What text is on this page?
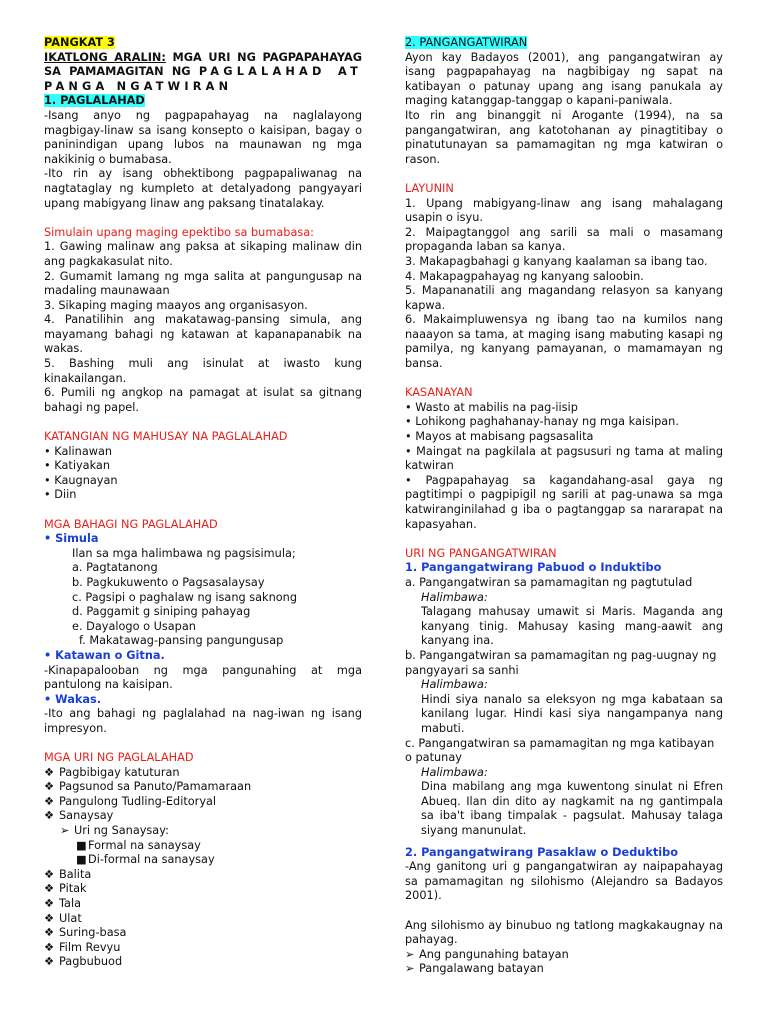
PANGKAT 3

IKATLONG ARALIN: MGA URI NG PAGPAPAHAYAG SA PAMAMAGITAN NG PAGLALAHAD AT PANGA NGATWIRAN

1. PAGLALAHAD

-Isang anyo ng pagpapahayag na naglalayong magbigay-linaw sa isang konsepto o kaisipan, bagay o paninindigan upang lubos na maunawan ng mga nakikinig o bumabasa.

-Ito rin ay isang obhektibong pagpapaliwanag na nagtataglay ng kumpleto at detalyadong pangyayari upang mabigyang linaw ang paksang tinatalakay.

Simulain upang maging epektibo sa bumabasa:

1. Gawing malinaw ang paksa at sikaping malinaw din ang pagkakasulat nito.

2. Gumamit lamang ng mga salita at pangungusap na madaling maunawaan

3. Sikaping maging maayos ang organisasyon.

4. Panatilihin ang makatawag-pansing simula, ang mayamang bahagi ng katawan at kapanapanabik na wakas.

5. Bashing muli ang isinulat at iwasto kung kinakailangan.

6. Pumili ng angkop na pamagat at isulat sa gitnang bahagi ng papel.

KATANGIAN NG MAHUSAY NA PAGLALAHAD

• Kalinawan

• Katiyakan

• Kaugnayan

• Diin

MGA BAHAGI NG PAGLALAHAD

• Simula

Ilan sa mga halimbawa ng pagsisimula;

a. Pagtatanong

b. Pagkukuwento o Pagsasalaysay

c. Pagsipi o paghalaw ng isang saknong

d. Paggamit g siniping pahayag

e. Dayalogo o Usapan

f. Makatawag-pansing pangungusap

• Katawan o Gitna.

-Kinapapalooban ng mga pangunahing at mga pantulong na kaisipan.

• Wakas.

-Ito ang bahagi ng paglalahad na nag-iwan ng isang impresyon.

MGA URI NG PAGLALAHAD

❖ Pagbibigay katuturan

❖ Pagsunod sa Panuto/Pamamaraan

❖ Pangulong Tudling-Editoryal

❖ Sanaysay

➢ Uri ng Sanaysay:

■Formal na sanaysay

■Di-formal na sanaysay

❖ Balita

❖ Pitak

❖ Tala

❖ Ulat

❖ Suring-basa

❖ Film Revyu

❖ Pagbubuod

2. PANGANGATWIRAN

Ayon kay Badayos (2001), ang pangangatwiran ay isang pagpapahayag na nagbibigay ng sapat na katibayan o patunay upang ang isang panukala ay maging katanggap-tanggap o kapani-paniwala.

Ito rin ang binanggit ni Arogante (1994), na sa pangangatwiran, ang katotohanan ay pinagtitibay o pinatutunayan sa pamamagitan ng mga katwiran o rason.

LAYUNIN

1. Upang mabigyang-linaw ang isang mahalagang usapin o isyu.

2. Maipagtanggol ang sarili sa mali o masamang propaganda laban sa kanya.

3. Makapagbahagi g kanyang kaalaman sa ibang tao.

4. Makapagpahayag ng kanyang saloobin.

5. Mapananatili ang magandang relasyon sa kanyang kapwa.

6. Makaimpluwensya ng ibang tao na kumilos nang naaayon sa tama, at maging isang mabuting kasapi ng pamilya, ng kanyang pamayanan, o mamamayan ng bansa.

KASANAYAN

• Wasto at mabilis na pag-iisip

• Lohikong paghahanay-hanay ng mga kaisipan.

• Mayos at mabisang pagsasalita

• Maingat na pagkilala at pagsusuri ng tama at maling katwiran

• Pagpapahayag sa kagandahang-asal gaya ng pagtitimpi o pagpipigil ng sarili at pag-unawa sa mga katwiranginilahad g iba o pagtanggap sa nararapat na kapasyahan.

URI NG PANGANGATWIRAN

1. Pangangatwirang Pabuod o Induktibo

a. Pangangatwiran sa pamamagitan ng pagtutulad

Halimbawa:

Talagang mahusay umawit si Maris. Maganda ang kanyang tinig. Mahusay kasing mang-aawit ang kanyang ina.

b. Pangangatwiran sa pamamagitan ng pag-uugnay ng pangyayari sa sanhi

Halimbawa:

Hindi siya nanalo sa eleksyon ng mga kabataan sa kanilang lugar. Hindi kasi siya nangampanya nang mabuti.

c. Pangangatwiran sa pamamagitan ng mga katibayan o patunay

Halimbawa:

Dina mabilang ang mga kuwentong sinulat ni Efren Abueq. Ilan din dito ay nagkamit na ng gantimpala sa iba't ibang timpalak - pagsulat. Mahusay talaga siyang manunulat.

2. Pangangatwirang Pasaklaw o Deduktibo

-Ang ganitong uri g pangangatwiran ay naipapahayag sa pamamagitan ng silohismo (Alejandro sa Badayos 2001).

Ang silohismo ay binubuo ng tatlong magkakaugnay na pahayag.

➢ Ang pangunahing batayan

➢ Pangalawang batayan
